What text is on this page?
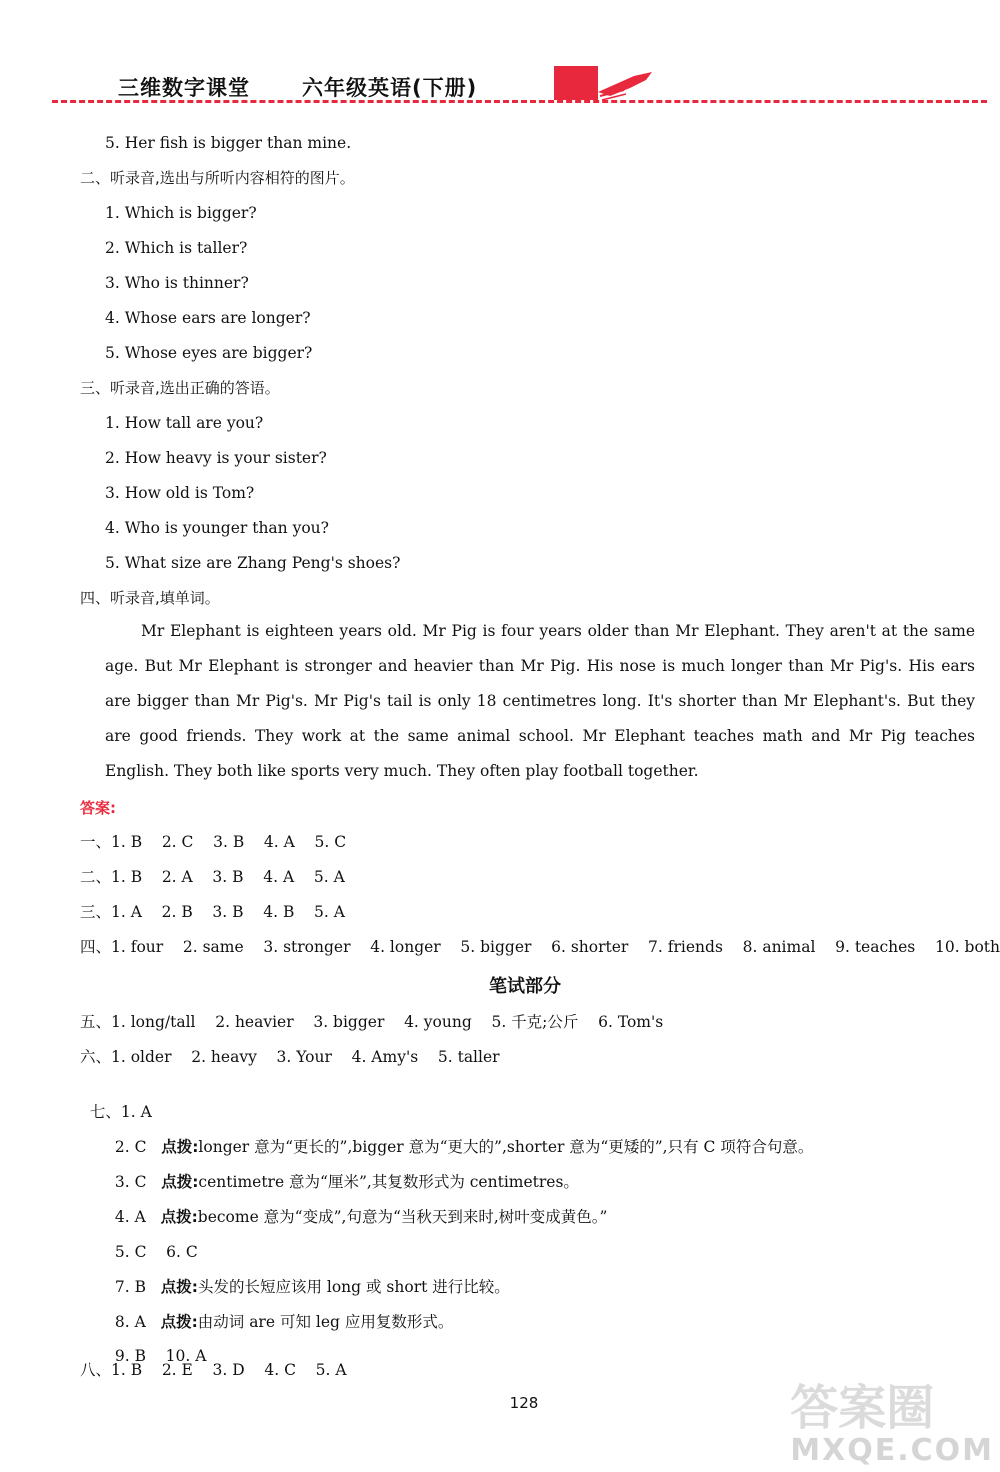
三维数字课堂 六年级英语(下册)
5. Her fish is bigger than mine.
二、听录音,选出与所听内容相符的图片。
1. Which is bigger?
2. Which is taller?
3. Who is thinner?
4. Whose ears are longer?
5. Whose eyes are bigger?
三、听录音,选出正确的答语。
1. How tall are you?
2. How heavy is your sister?
3. How old is Tom?
4. Who is younger than you?
5. What size are Zhang Peng's shoes?
四、听录音,填单词。
Mr Elephant is eighteen years old. Mr Pig is four years older than Mr Elephant. They aren't at the same age. But Mr Elephant is stronger and heavier than Mr Pig. His nose is much longer than Mr Pig's. His ears are bigger than Mr Pig's. Mr Pig's tail is only 18 centimetres long. It's shorter than Mr Elephant's. But they are good friends. They work at the same animal school. Mr Elephant teaches math and Mr Pig teaches English. They both like sports very much. They often play football together.
答案:
一、1. B    2. C    3. B    4. A    5. C
二、1. B    2. A    3. B    4. A    5. A
三、1. A    2. B    3. B    4. B    5. A
四、1. four    2. same    3. stronger    4. longer    5. bigger    6. shorter    7. friends    8. animal    9. teaches    10. both
笔试部分
五、1. long/tall    2. heavier    3. bigger    4. young    5. 千克;公斤    6. Tom's
六、1. older    2. heavy    3. Your    4. Amy's    5. taller

七、1. A

2. C 点拨:longer 意为“更长的”,bigger 意为“更大的”,shorter 意为“更矮的”,只有 C 项符合句意。

3. C 点拨:centimetre 意为“厘米”,其复数形式为 centimetres。

4. A 点拨:become 意为“变成”,句意为“当秋天到来时,树叶变成黄色。”

5. C    6. C

7. B 点拨:头发的长短应该用 long 或 short 进行比较。

8. A 点拨:由动词 are 可知 leg 应用复数形式。

9. B    10. A

八、1. B    2. E    3. D    4. C    5. A
128	答案圈
MXQE.COM
